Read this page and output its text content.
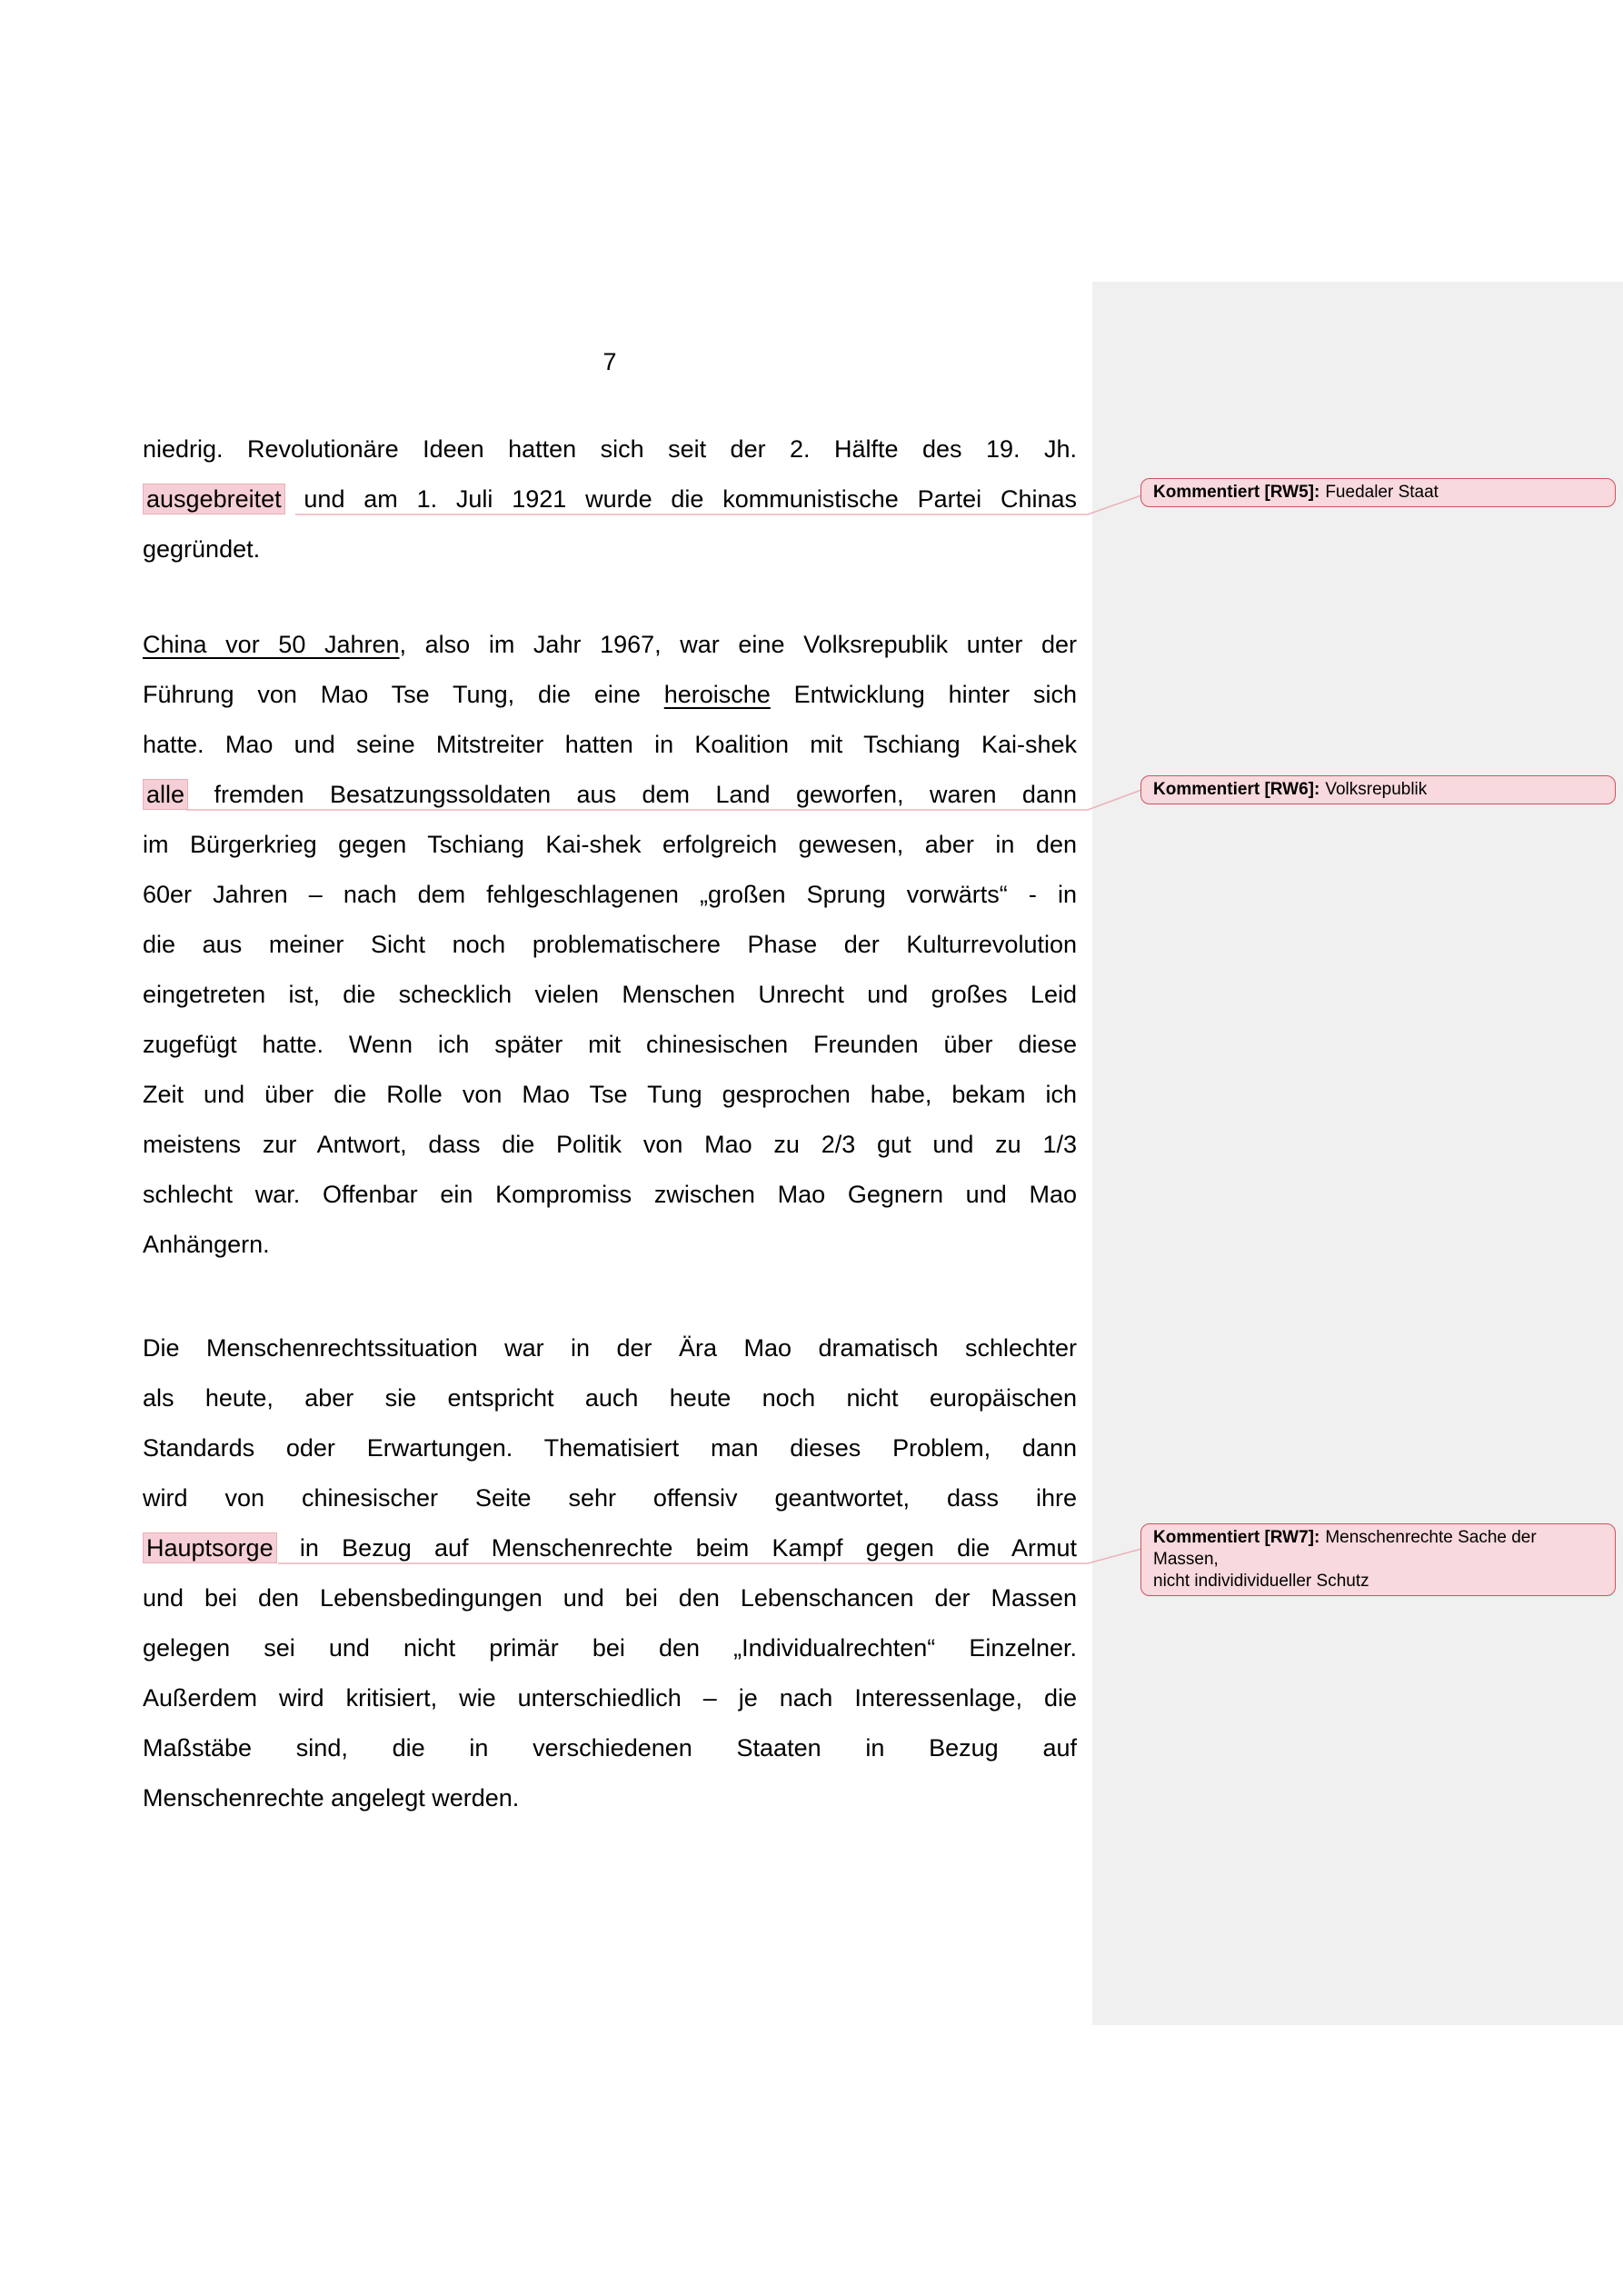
7
niedrig. Revolutionäre Ideen hatten sich seit der 2. Hälfte des 19. Jh.
ausgebreitet und am 1. Juli 1921 wurde die kommunistische Partei Chinas
gegründet.
China vor 50 Jahren, also im Jahr 1967, war eine Volksrepublik unter der
Führung von Mao Tse Tung, die eine heroische Entwicklung hinter sich
hatte. Mao und seine Mitstreiter hatten in Koalition mit Tschiang Kai-shek
alle fremden Besatzungssoldaten aus dem Land geworfen, waren dann
im Bürgerkrieg gegen Tschiang Kai-shek erfolgreich gewesen, aber in den
60er Jahren – nach dem fehlgeschlagenen „großen Sprung vorwärts“ - in
die aus meiner Sicht noch problematischere Phase der Kulturrevolution
eingetreten ist, die schecklich vielen Menschen Unrecht und großes Leid
zugefügt hatte. Wenn ich später mit chinesischen Freunden über diese
Zeit und über die Rolle von Mao Tse Tung gesprochen habe, bekam ich
meistens zur Antwort, dass die Politik von Mao zu 2/3 gut und zu 1/3
schlecht war. Offenbar ein Kompromiss zwischen Mao Gegnern und Mao
Anhängern.
Die Menschenrechtssituation war in der Ära Mao dramatisch schlechter
als heute, aber sie entspricht auch heute noch nicht europäischen
Standards oder Erwartungen. Thematisiert man dieses Problem, dann
wird von chinesischer Seite sehr offensiv geantwortet, dass ihre
Hauptsorge in Bezug auf Menschenrechte beim Kampf gegen die Armut
und bei den Lebensbedingungen und bei den Lebenschancen der Massen
gelegen sei und nicht primär bei den „Individualrechten“ Einzelner.
Außerdem wird kritisiert, wie unterschiedlich – je nach Interessenlage, die
Maßstäbe sind, die in verschiedenen Staaten in Bezug auf
Menschenrechte angelegt werden.
Kommentiert [RW5]: Fuedaler Staat
Kommentiert [RW6]: Volksrepublik
Kommentiert [RW7]: Menschenrechte Sache der Massen,
nicht individividueller Schutz
